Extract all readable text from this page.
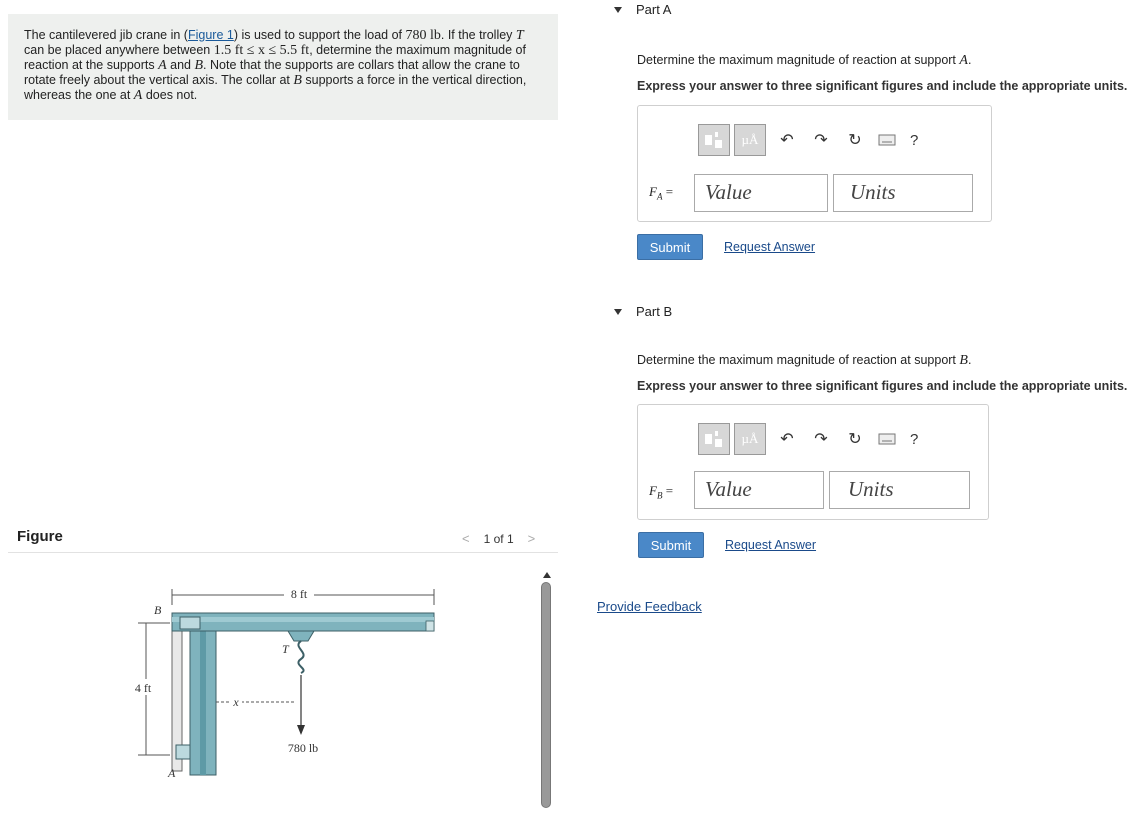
The cantilevered jib crane in (Figure 1) is used to support the load of 780 lb. If the trolley T can be placed anywhere between 1.5 ft ≤ x ≤ 5.5 ft, determine the maximum magnitude of reaction at the supports A and B. Note that the supports are collars that allow the crane to rotate freely about the vertical axis. The collar at B supports a force in the vertical direction, whereas the one at A does not.
Figure	< 1 of 1 >
8 ft
4 ft
B
A
x
T
780 lb
Part A
Determine the maximum magnitude of reaction at support A.
Express your answer to three significant figures and include the appropriate units.
µÅ	↶	↷	↻	?
$F_A$ =	Value	Units
Submit	Request Answer
Part B
Determine the maximum magnitude of reaction at support B.
Express your answer to three significant figures and include the appropriate units.
µÅ	↶	↷	↻	?
$F_B$ =	Value	Units
Submit	Request Answer
Provide Feedback
